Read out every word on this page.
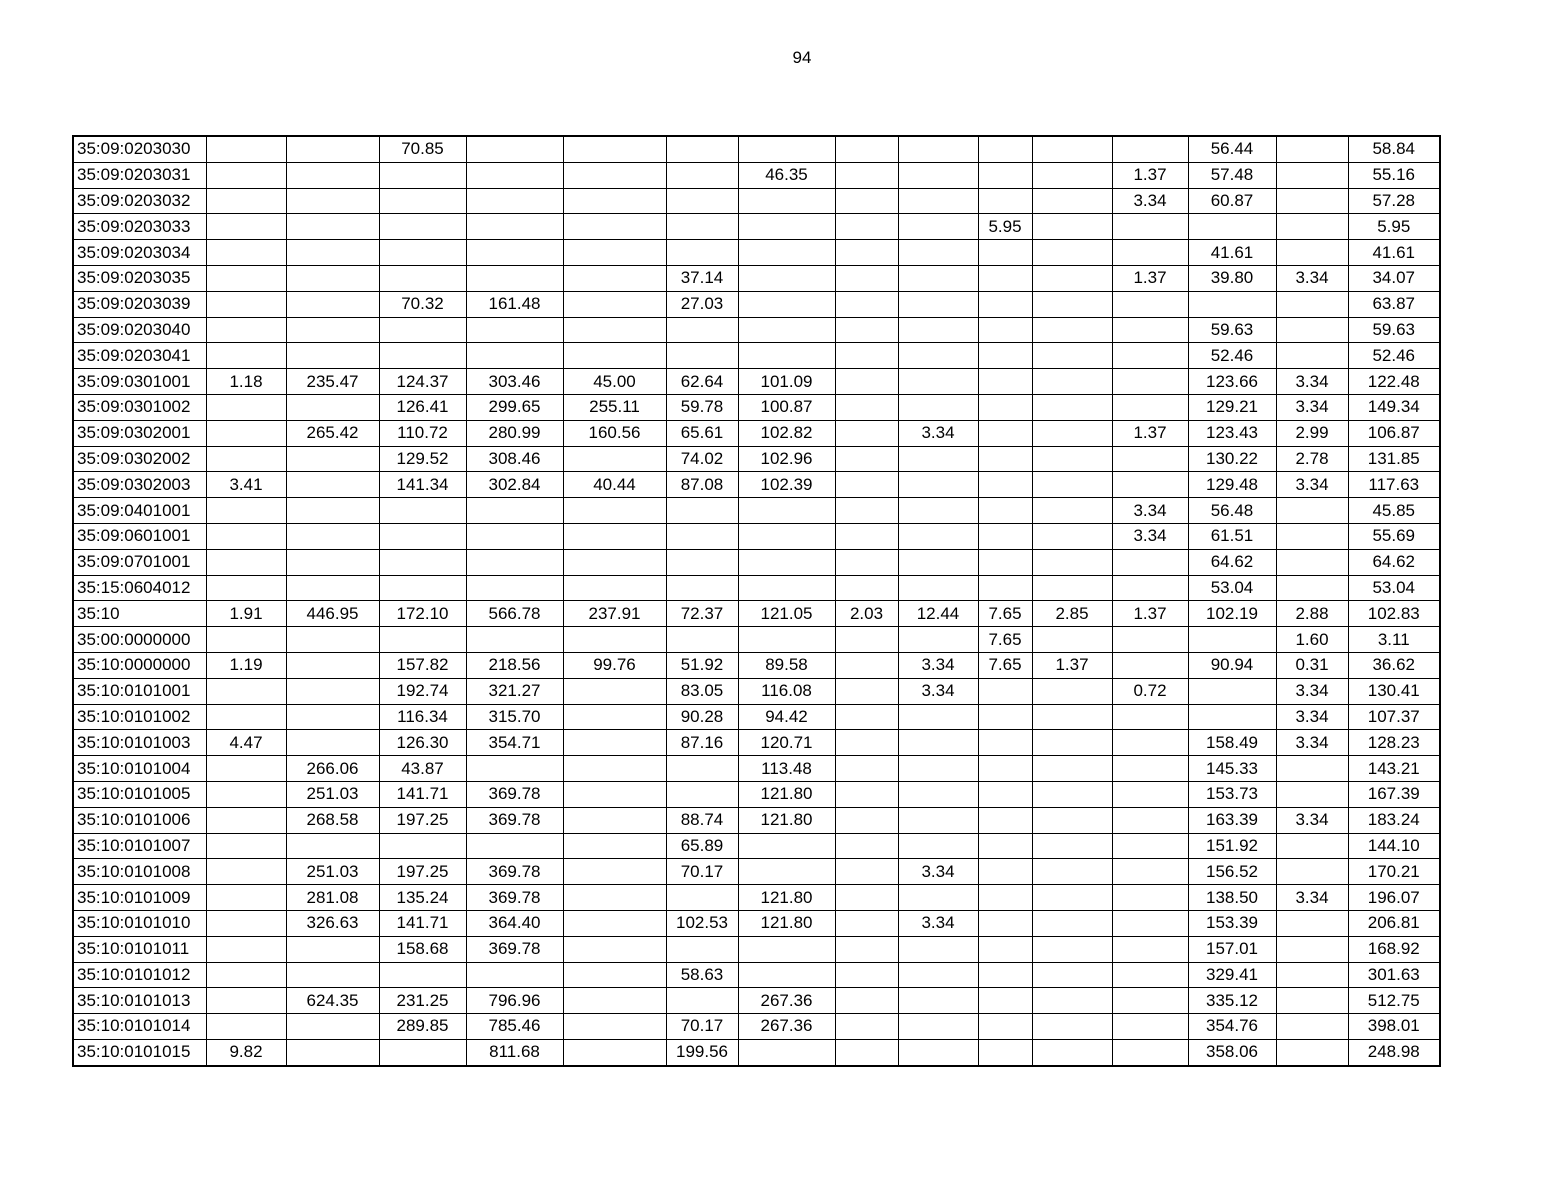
94
35:09:0203030			70.85										56.44		58.84
35:09:0203031							46.35					1.37	57.48		55.16
35:09:0203032												3.34	60.87		57.28
35:09:0203033										5.95					5.95
35:09:0203034													41.61		41.61
35:09:0203035						37.14						1.37	39.80	3.34	34.07
35:09:0203039			70.32	161.48		27.03									63.87
35:09:0203040													59.63		59.63
35:09:0203041													52.46		52.46
35:09:0301001	1.18	235.47	124.37	303.46	45.00	62.64	101.09						123.66	3.34	122.48
35:09:0301002			126.41	299.65	255.11	59.78	100.87						129.21	3.34	149.34
35:09:0302001		265.42	110.72	280.99	160.56	65.61	102.82		3.34			1.37	123.43	2.99	106.87
35:09:0302002			129.52	308.46		74.02	102.96						130.22	2.78	131.85
35:09:0302003	3.41		141.34	302.84	40.44	87.08	102.39						129.48	3.34	117.63
35:09:0401001												3.34	56.48		45.85
35:09:0601001												3.34	61.51		55.69
35:09:0701001													64.62		64.62
35:15:0604012													53.04		53.04
35:10	1.91	446.95	172.10	566.78	237.91	72.37	121.05	2.03	12.44	7.65	2.85	1.37	102.19	2.88	102.83
35:00:0000000										7.65				1.60	3.11
35:10:0000000	1.19		157.82	218.56	99.76	51.92	89.58		3.34	7.65	1.37		90.94	0.31	36.62
35:10:0101001			192.74	321.27		83.05	116.08		3.34			0.72		3.34	130.41
35:10:0101002			116.34	315.70		90.28	94.42							3.34	107.37
35:10:0101003	4.47		126.30	354.71		87.16	120.71						158.49	3.34	128.23
35:10:0101004		266.06	43.87				113.48						145.33		143.21
35:10:0101005		251.03	141.71	369.78			121.80						153.73		167.39
35:10:0101006		268.58	197.25	369.78		88.74	121.80						163.39	3.34	183.24
35:10:0101007						65.89							151.92		144.10
35:10:0101008		251.03	197.25	369.78		70.17			3.34				156.52		170.21
35:10:0101009		281.08	135.24	369.78			121.80						138.50	3.34	196.07
35:10:0101010		326.63	141.71	364.40		102.53	121.80		3.34				153.39		206.81
35:10:0101011			158.68	369.78									157.01		168.92
35:10:0101012						58.63							329.41		301.63
35:10:0101013		624.35	231.25	796.96			267.36						335.12		512.75
35:10:0101014			289.85	785.46		70.17	267.36						354.76		398.01
35:10:0101015	9.82			811.68		199.56							358.06		248.98
